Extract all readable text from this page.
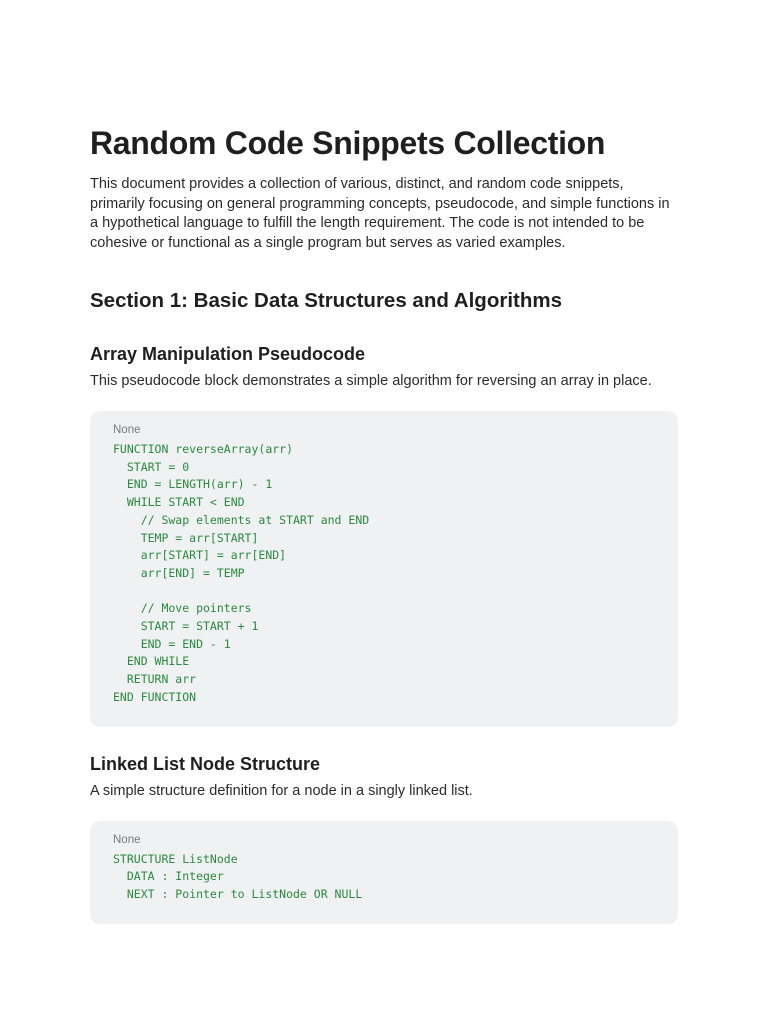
Random Code Snippets Collection

This document provides a collection of various, distinct, and random code snippets, primarily focusing on general programming concepts, pseudocode, and simple functions in a hypothetical language to fulfill the length requirement. The code is not intended to be cohesive or functional as a single program but serves as varied examples.

Section 1: Basic Data Structures and Algorithms
Array Manipulation Pseudocode

This pseudocode block demonstrates a simple algorithm for reversing an array in place.

None
FUNCTION reverseArray(arr)
START = 0
END = LENGTH(arr) - 1
WHILE START < END
// Swap elements at START and END
TEMP = arr[START]
arr[START] = arr[END]
arr[END] = TEMP
// Move pointers
START = START + 1
END = END - 1
END WHILE
RETURN arr
END FUNCTION
Linked List Node Structure

A simple structure definition for a node in a singly linked list.

None
STRUCTURE ListNode
DATA : Integer
NEXT : Pointer to ListNode OR NULL
